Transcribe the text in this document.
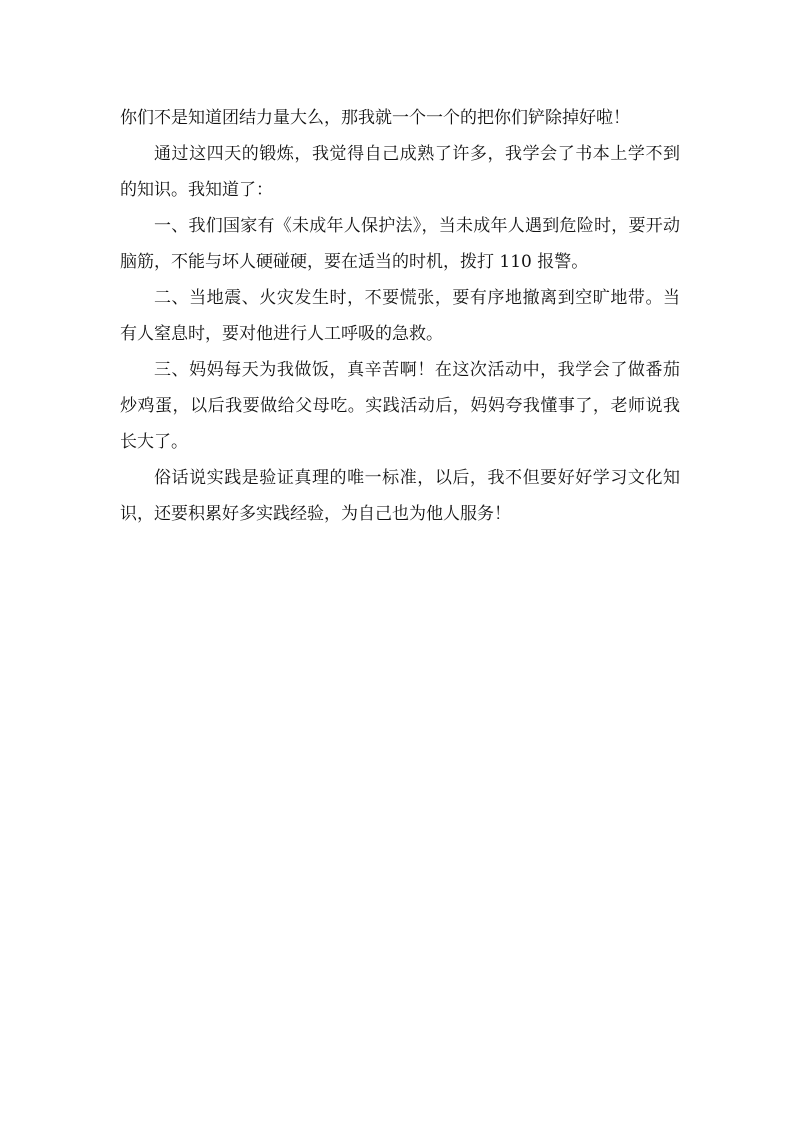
你们不是知道团结力量大么，那我就一个一个的把你们铲除掉好啦！

通过这四天的锻炼，我觉得自己成熟了许多，我学会了书本上学不到的知识。我知道了：

一、我们国家有《未成年人保护法》，当未成年人遇到危险时，要开动脑筋，不能与坏人硬碰硬，要在适当的时机，拨打 110 报警。

二、当地震、火灾发生时，不要慌张，要有序地撤离到空旷地带。当有人窒息时，要对他进行人工呼吸的急救。

三、妈妈每天为我做饭，真辛苦啊！在这次活动中，我学会了做番茄炒鸡蛋，以后我要做给父母吃。实践活动后，妈妈夸我懂事了，老师说我长大了。

俗话说实践是验证真理的唯一标准，以后，我不但要好好学习文化知识，还要积累好多实践经验，为自己也为他人服务！
